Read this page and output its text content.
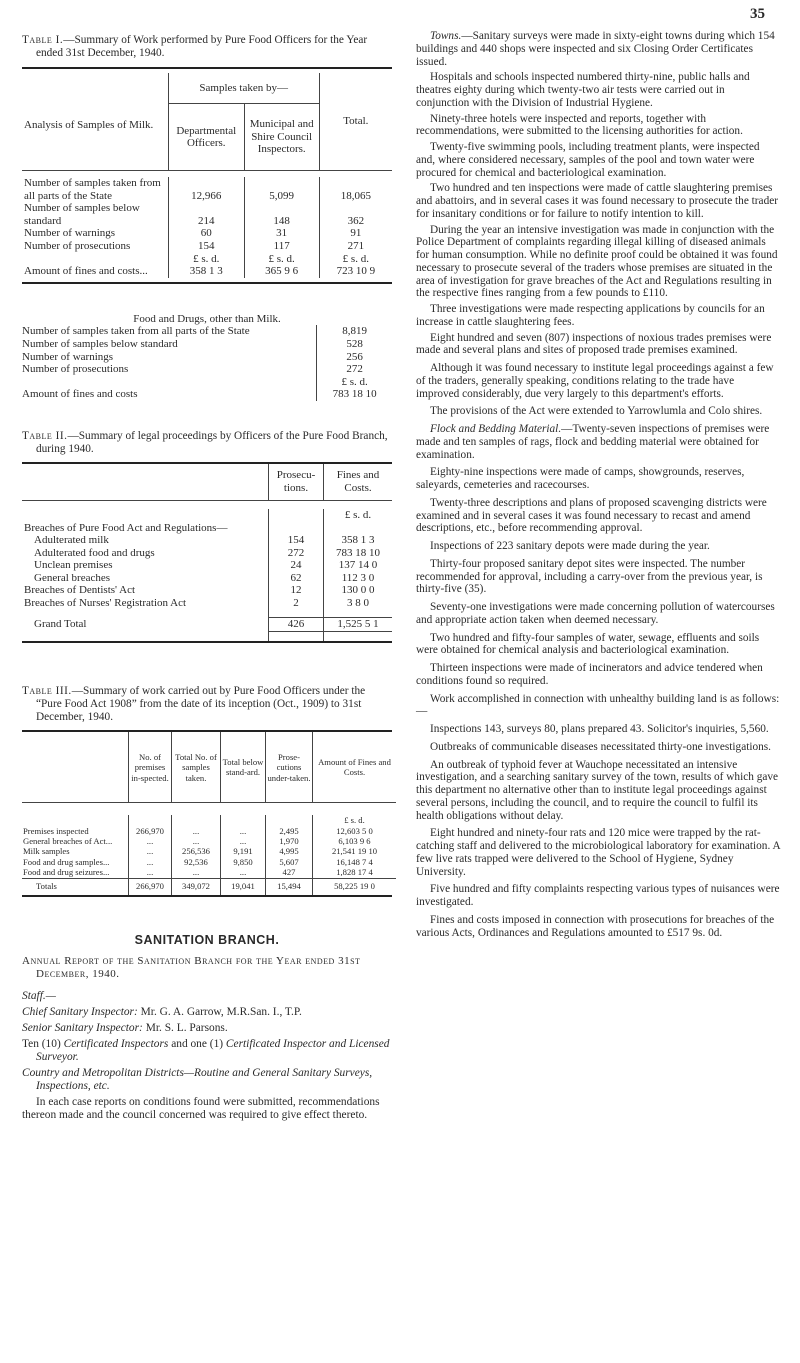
35

Table I.—Summary of Work performed by Pure Food Officers for the Year ended 31st December, 1940.

Analysis of Samples of Milk.	Samples taken by—		Total.
	Departmental Officers.	Municipal and Shire Council Inspectors.	

Number of samples taken from all parts of the State	12,966	5,099	18,065
Number of samples below standard	214	148	362
Number of warnings	60	31	91
Number of prosecutions	154	117	271
	£ s. d.	£ s. d.	£ s. d.
Amount of fines and costs...	358 1 3	365 9 6	723 10 9

Food and Drugs, other than Milk.

Number of samples taken from all parts of the State	8,819
Number of samples below standard	528
Number of warnings	256
Number of prosecutions	272
£ s. d.
Amount of fines and costs	783 18 10

Table II.—Summary of legal proceedings by Officers of the Pure Food Branch, during 1940.

	Prosecu-tions.	Fines and Costs.

		£ s. d.
Breaches of Pure Food Act and Regulations—		
Adulterated milk	154	358 1 3
Adulterated food and drugs	272	783 18 10
Unclean premises	24	137 14 0
General breaches	62	112 3 0
Breaches of Dentists' Act	12	130 0 0
Breaches of Nurses' Registration Act	2	3 8 0

Grand Total	426	1,525 5 1

Table III.—Summary of work carried out by Pure Food Officers under the “Pure Food Act 1908” from the date of its inception (Oct., 1909) to 31st December, 1940.

	No. of premises in-spected.	Total No. of samples taken.	Total below stand-ard.	Prose-cutions under-taken.	Amount of Fines and Costs.

					£ s. d.
Premises inspected	266,970	...	...	2,495	12,603 5 0
General breaches of Act...	...	...	...	1,970	6,103 9 6
Milk samples	...	256,536	9,191	4,995	21,541 19 10
Food and drug samples...	...	92,536	9,850	5,607	16,148 7 4
Food and drug seizures...	...	...	...	427	1,828 17 4
Totals	266,970	349,072	19,041	15,494	58,225 19 0

SANITATION BRANCH.

Annual Report of the Sanitation Branch for the Year ended 31st December, 1940.

Staff.—

Chief Sanitary Inspector: Mr. G. A. Garrow, M.R.San. I., T.P.

Senior Sanitary Inspector: Mr. S. L. Parsons.

Ten (10) Certificated Inspectors and one (1) Certificated Inspector and Licensed Surveyor.

Country and Metropolitan Districts—Routine and General Sanitary Surveys, Inspections, etc.

In each case reports on conditions found were submitted, recommendations thereon made and the council concerned was required to give effect thereto.

Towns.—Sanitary surveys were made in sixty-eight towns during which 154 buildings and 440 shops were inspected and six Closing Order Certificates issued.

Hospitals and schools inspected numbered thirty-nine, public halls and theatres eighty during which twenty-two air tests were carried out in conjunction with the Division of Industrial Hygiene.

Ninety-three hotels were inspected and reports, together with recommendations, were submitted to the licensing authorities for action.

Twenty-five swimming pools, including treatment plants, were inspected and, where considered necessary, samples of the pool and town water were procured for chemical and bacteriological examination.

Two hundred and ten inspections were made of cattle slaughtering premises and abattoirs, and in several cases it was found necessary to prosecute the trader for insanitary conditions or for failure to notify intention to kill.

During the year an intensive investigation was made in conjunction with the Police Department of complaints regarding illegal killing of diseased animals for human consumption. While no definite proof could be obtained it was found necessary to prosecute several of the traders whose premises are situated in the area of investigation for grave breaches of the Act and Regulations resulting in the respective fines ranging from a few pounds to £110.

Three investigations were made respecting applications by councils for an increase in cattle slaughtering fees.

Eight hundred and seven (807) inspections of noxious trades premises were made and several plans and sites of proposed trade premises examined.

Although it was found necessary to institute legal proceedings against a few of the traders, generally speaking, conditions relating to the trade have improved considerably, due very largely to this department's efforts.

The provisions of the Act were extended to Yarrowlumla and Colo shires.

Flock and Bedding Material.—Twenty-seven inspections of premises were made and ten samples of rags, flock and bedding material were obtained for examination.

Eighty-nine inspections were made of camps, showgrounds, reserves, saleyards, cemeteries and racecourses.

Twenty-three descriptions and plans of proposed scavenging districts were examined and in several cases it was found necessary to recast and amend descriptions, etc., before recommending approval.

Inspections of 223 sanitary depots were made during the year.

Thirty-four proposed sanitary depot sites were inspected. The number recommended for approval, including a carry-over from the previous year, is thirty-five (35).

Seventy-one investigations were made concerning pollution of watercourses and appropriate action taken when deemed necessary.

Two hundred and fifty-four samples of water, sewage, effluents and soils were obtained for chemical analysis and bacteriological examination.

Thirteen inspections were made of incinerators and advice tendered when conditions found so required.

Work accomplished in connection with unhealthy building land is as follows:—

Inspections 143, surveys 80, plans prepared 43. Solicitor's inquiries, 5,560.

Outbreaks of communicable diseases necessitated thirty-one investigations.

An outbreak of typhoid fever at Wauchope necessitated an intensive investigation, and a searching sanitary survey of the town, results of which gave this department no alternative other than to institute legal proceedings against several persons, including the council, and to require the council to fulfil its health obligations without delay.

Eight hundred and ninety-four rats and 120 mice were trapped by the rat-catching staff and delivered to the microbiological laboratory for examination. A few live rats trapped were delivered to the School of Hygiene, Sydney University.

Five hundred and fifty complaints respecting various types of nuisances were investigated.

Fines and costs imposed in connection with prosecutions for breaches of the various Acts, Ordinances and Regulations amounted to £517 9s. 0d.
